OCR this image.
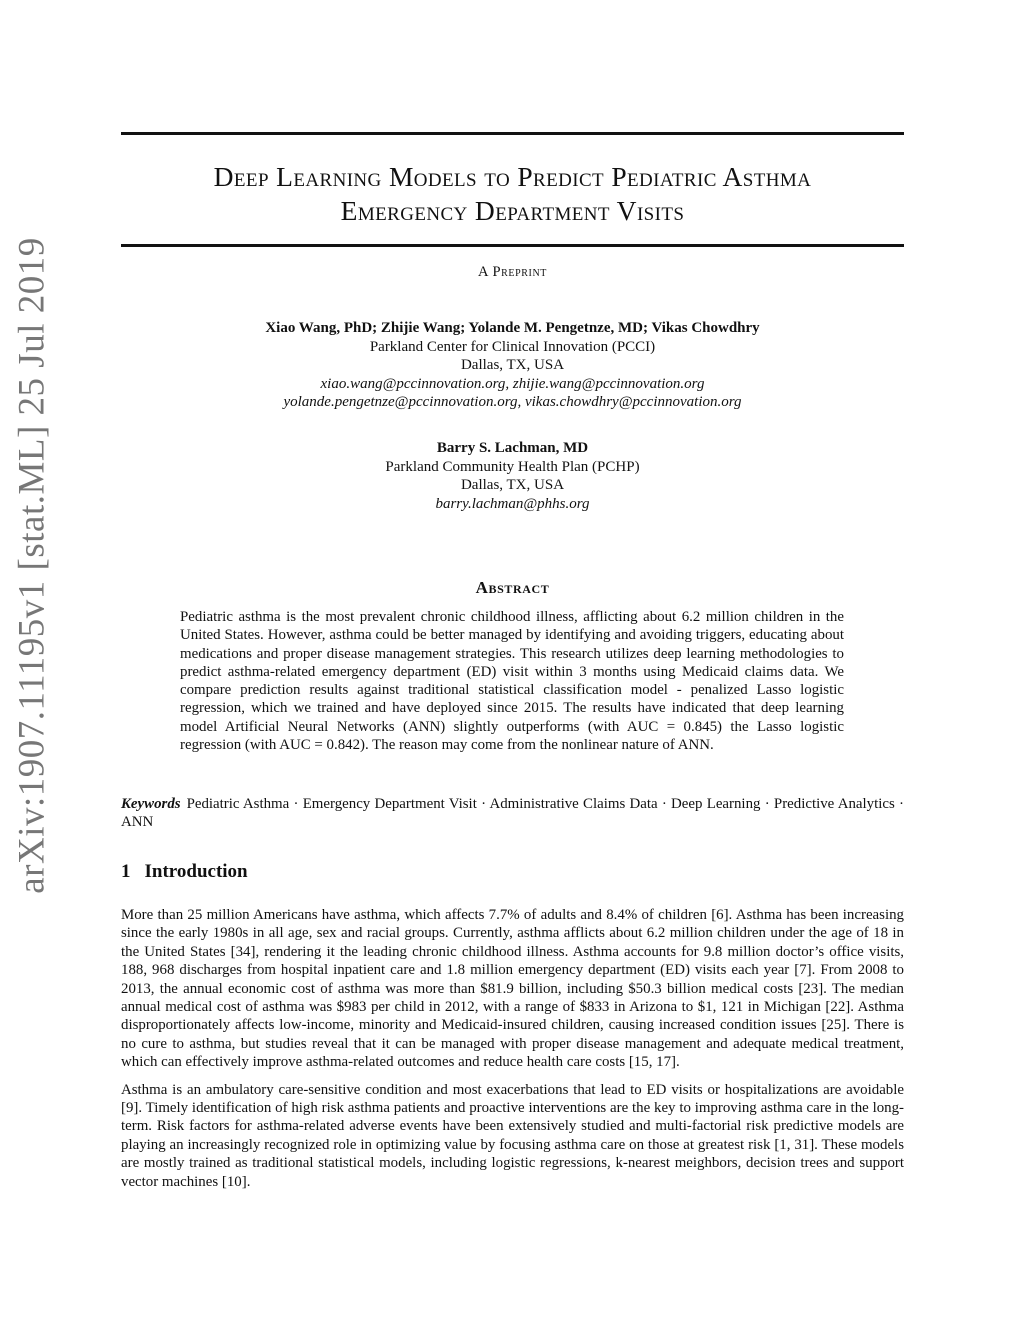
arXiv:1907.11195v1 [stat.ML] 25 Jul 2019
Deep Learning Models to Predict Pediatric Asthma
Emergency Department Visits
A Preprint
Xiao Wang, PhD; Zhijie Wang; Yolande M. Pengetnze, MD; Vikas Chowdhry
Parkland Center for Clinical Innovation (PCCI)
Dallas, TX, USA
xiao.wang@pccinnovation.org, zhijie.wang@pccinnovation.org
yolande.pengetnze@pccinnovation.org, vikas.chowdhry@pccinnovation.org
Barry S. Lachman, MD
Parkland Community Health Plan (PCHP)
Dallas, TX, USA
barry.lachman@phhs.org
Abstract
Pediatric asthma is the most prevalent chronic childhood illness, afflicting about 6.2 million children in the United States. However, asthma could be better managed by identifying and avoiding triggers, educating about medications and proper disease management strategies. This research utilizes deep learning methodologies to predict asthma-related emergency department (ED) visit within 3 months using Medicaid claims data. We compare prediction results against traditional statistical classification model - penalized Lasso logistic regression, which we trained and have deployed since 2015. The results have indicated that deep learning model Artificial Neural Networks (ANN) slightly outperforms (with AUC = 0.845) the Lasso logistic regression (with AUC = 0.842). The reason may come from the nonlinear nature of ANN.
Keywords Pediatric Asthma · Emergency Department Visit · Administrative Claims Data · Deep Learning · Predictive Analytics · ANN
1 Introduction

More than 25 million Americans have asthma, which affects 7.7% of adults and 8.4% of children [6]. Asthma has been increasing since the early 1980s in all age, sex and racial groups. Currently, asthma afflicts about 6.2 million children under the age of 18 in the United States [34], rendering it the leading chronic childhood illness. Asthma accounts for 9.8 million doctor’s office visits, 188, 968 discharges from hospital inpatient care and 1.8 million emergency department (ED) visits each year [7]. From 2008 to 2013, the annual economic cost of asthma was more than $81.9 billion, including $50.3 billion medical costs [23]. The median annual medical cost of asthma was $983 per child in 2012, with a range of $833 in Arizona to $1, 121 in Michigan [22]. Asthma disproportionately affects low-income, minority and Medicaid-insured children, causing increased condition issues [25]. There is no cure to asthma, but studies reveal that it can be managed with proper disease management and adequate medical treatment, which can effectively improve asthma-related outcomes and reduce health care costs [15, 17].

Asthma is an ambulatory care-sensitive condition and most exacerbations that lead to ED visits or hospitalizations are avoidable [9]. Timely identification of high risk asthma patients and proactive interventions are the key to improving asthma care in the long-term. Risk factors for asthma-related adverse events have been extensively studied and multi-factorial risk predictive models are playing an increasingly recognized role in optimizing value by focusing asthma care on those at greatest risk [1, 31]. These models are mostly trained as traditional statistical models, including logistic regressions, k-nearest meighbors, decision trees and support vector machines [10].
